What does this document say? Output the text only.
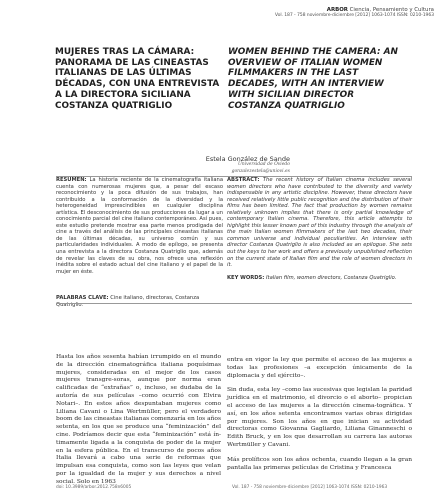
ARBOR Ciencia, Pensamiento y Cultura
Vol. 187 - 758 noviembre-diciembre [2012] 1063-1074 ISSN: 0210-1963
MUJERES TRAS LA CÁMARA: PANORAMA DE LAS CINEASTAS ITALIANAS DE LAS ÚLTIMAS DÉCADAS, CON UNA ENTREVISTA A LA DIRECTORA SICILIANA COSTANZA QUATRIGLIO
WOMEN BEHIND THE CAMERA: AN OVERVIEW OF ITALIAN WOMEN FILMMAKERS IN THE LAST DECADES, WITH AN INTERVIEW WITH SICILIAN DIRECTOR COSTANZA QUATRIGLIO

Estela González de Sande

Universidad de Oviedo
gonzalezestela@uniovi.es

RESUMEN: La historia reciente de la cinematografía italiana cuenta con numerosas mujeres que, a pesar del escaso reconocimiento y la poca difusión de sus trabajos, han contribuido a la conformación de la diversidad y la heterogeneidad imprescindibles en cualquier disciplina artística. El desconocimiento de sus producciones da lugar a un conocimiento parcial del cine italiano contemporáneo. Así pues, este estudio pretende mostrar esa parte menos prodigada del cine a través del análisis de las principales cineastas italianas de las últimas décadas, su universo común y sus particularidades individuales. A modo de epílogo, se presenta una entrevista a la directora Costanza Quatriglio que, además de revelar las claves de su obra, nos ofrece una reflexión inédita sobre el estado actual del cine italiano y el papel de la mujer en éste.

ABSTRACT: The recent history of Italian cinema includes several women directors who have contributed to the diversity and variety indispensable in any artistic discipline. However, these directors have received relatively little public recognition and the distribution of their films has been limited. The fact that production by women remains relatively unknown implies that there is only partial knowledge of contemporary Italian cinema. Therefore, this article attempts to highlight this lesser known part of this industry through the analysis of the main Italian women filmmakers of the last two decades, their common universe and individual peculiarities. An interview with director Costanza Quatriglio is also included as an epilogue. She sets out the keys to her work and offers a previously unpublished reflection on the current state of Italian film and the role of women directors in it.

KEY WORDS: Italian film, women directors, Costanza Quatriglio.

PALABRAS CLAVE: Cine italiano, directoras, Costanza Quatriglio.

Hasta los años sesenta habían irrumpido en el mundo de la dirección cinematográfica italiana poquísimas mujeres, consideradas en el mejor de los casos mujeres transgre-soras, aunque por norma eran calificadas de “extrañas” o, incluso, se dudaba de la autoría de sus películas –como ocurrió con Elvira Notari–. En estos años despuntaban mujeres como Liliana Cavani o Lina Wertmüller, pero el verdadero boom de las cineastas italianas comenzaría en los años setenta, en los que se produce una “feminización” del cine. Podríamos decir que esta “feminización” está ín-timamente ligada a la conquista de poder de la mujer en la esfera pública. En el transcurso de pocos años Italia llevará a cabo una serie de reformas que impulsan esa conquista, como son las leyes que velan por la igualdad de la mujer y sus derechos a nivel social. Solo en 1963

entra en vigor la ley que permite el acceso de las mujeres a todas las profesiones –a excepción únicamente de la diplomacia y del ejército–.
Sin duda, esta ley –como las sucesivas que legislan la paridad jurídica en el matrimonio, el divorcio o el aborto– propician el acceso de las mujeres a la dirección cinema-tográfica. Y así, en los años setenta encontramos varias obras dirigidas por mujeres. Son los años en que inician su actividad directoras como Giovanna Gagliardo, Liliana Ginanneschi o Edith Bruck, y en los que desarrollan su carrera las autoras Wertmüller y Cavani.
Más prolíficos son los años ochenta, cuando llegan a la gran pantalla las primeras películas de Cristina y Francesca
doi: 10.3989/arbor.2012.758n6005	Vol. 187 - 758 noviembre-diciembre [2012] 1063-1074 ISSN: 0210-1963
